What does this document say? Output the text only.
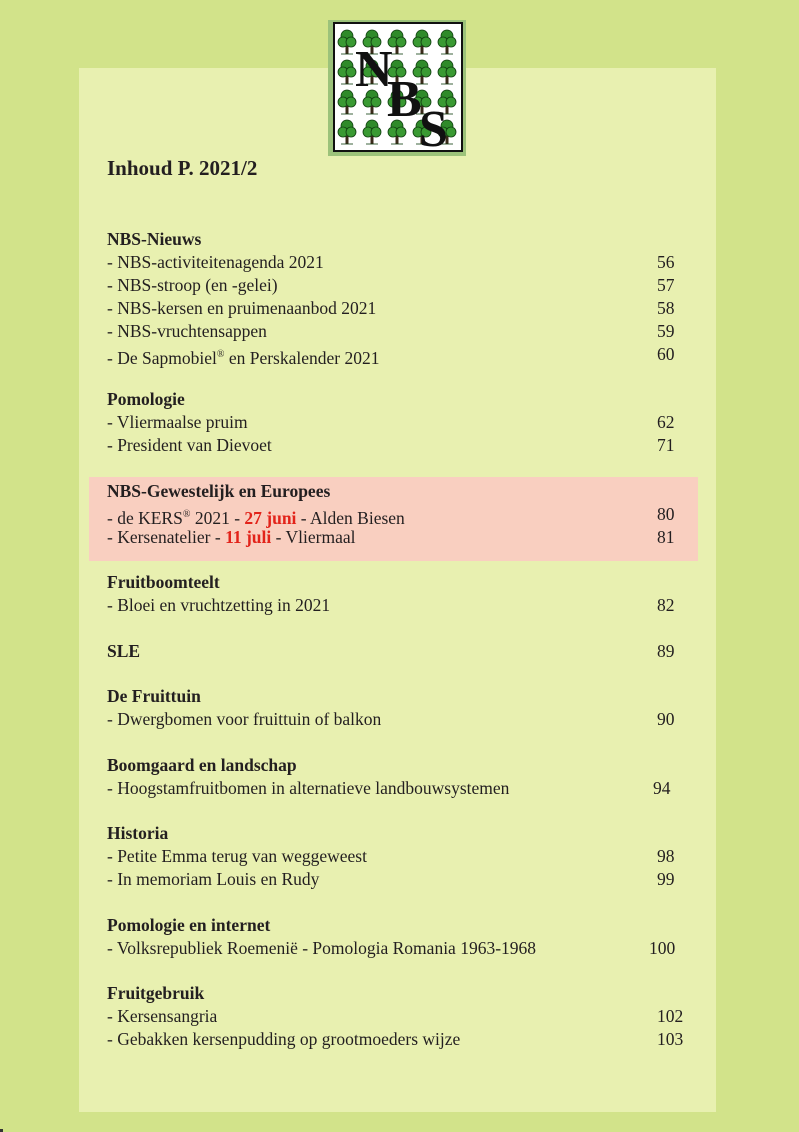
N
B
S
Inhoud P. 2021/2
NBS-Nieuws
- NBS-activiteitenagenda 2021	56
- NBS-stroop (en -gelei)	57
- NBS-kersen en pruimenaanbod 2021	58
- NBS-vruchtensappen	59
- De Sapmobiel® en Perskalender 2021	60
Pomologie
- Vliermaalse pruim	62
- President van Dievoet	71
NBS-Gewestelijk en Europees
- de KERS® 2021 - 27 juni - Alden Biesen	80
- Kersenatelier - 11 juli - Vliermaal	81
Fruitboomteelt
- Bloei en vruchtzetting in 2021	82
SLE	89
De Fruittuin
- Dwergbomen voor fruittuin of balkon	90
Boomgaard en landschap
- Hoogstamfruitbomen in alternatieve landbouwsystemen	94
Historia
- Petite Emma terug van weggeweest	98
- In memoriam Louis en Rudy	99
Pomologie en internet
- Volksrepubliek Roemenië - Pomologia Romania 1963-1968	100
Fruitgebruik
- Kersensangria	102
- Gebakken kersenpudding op grootmoeders wijze	103
